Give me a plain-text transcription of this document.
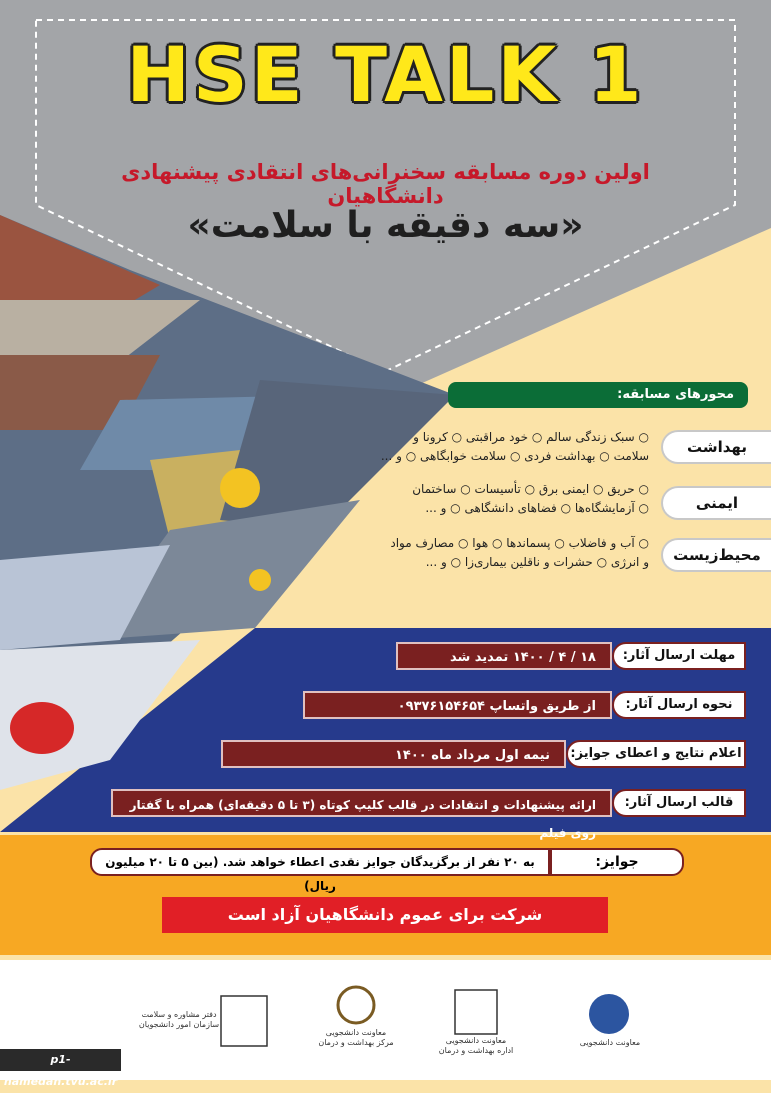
HSE TALK 1
اولین دوره مسابقه سخنرانی‌های انتقادی پیشنهادی دانشگاهیان
«سه دقیقه با سلامت»
محورهای مسابقه:
بهداشت
○ سبک زندگی سالم ○ خود مراقبتی ○ کرونا و
سلامت ○ بهداشت فردی ○ سلامت خوابگاهی ○ و ...
ایمنی
○ حریق ○ ایمنی برق ○ تأسیسات ○ ساختمان
○ آزمایشگاه‌ها ○ فضاهای دانشگاهی ○ و ...
محیط‌زیست
○ آب و فاضلاب ○ پسماندها ○ هوا ○ مصارف مواد
و انرژی ○ حشرات و ناقلین بیماری‌زا ○ و ...
مهلت ارسال آثار:
۱۸ / ۴ / ۱۴۰۰ تمدید شد
نحوه ارسال آثار:
از طریق واتساپ ۰۹۳۷۶۱۵۴۶۵۴
اعلام نتایج و اعطای جوایز:
نیمه اول مرداد ماه ۱۴۰۰
قالب ارسال آثار:
ارائه پیشنهادات و انتقادات در قالب کلیپ کوتاه (۳ تا ۵ دقیقه‌ای) همراه با گفتار روی فیلم
جوایز:
به ۲۰ نفر از برگزیدگان جوایز نقدی اعطاء خواهد شد. (بین ۵ تا ۲۰ میلیون ریال)
شرکت برای عموم دانشگاهیان آزاد است
دفتر مشاوره و سلامت
سازمان امور دانشجویان
معاونت دانشجویی
مرکز بهداشت و درمان	معاونت دانشجویی
اداره بهداشت و درمان
معاونت دانشجویی
p1-hamedan.tvu.ac.ir
